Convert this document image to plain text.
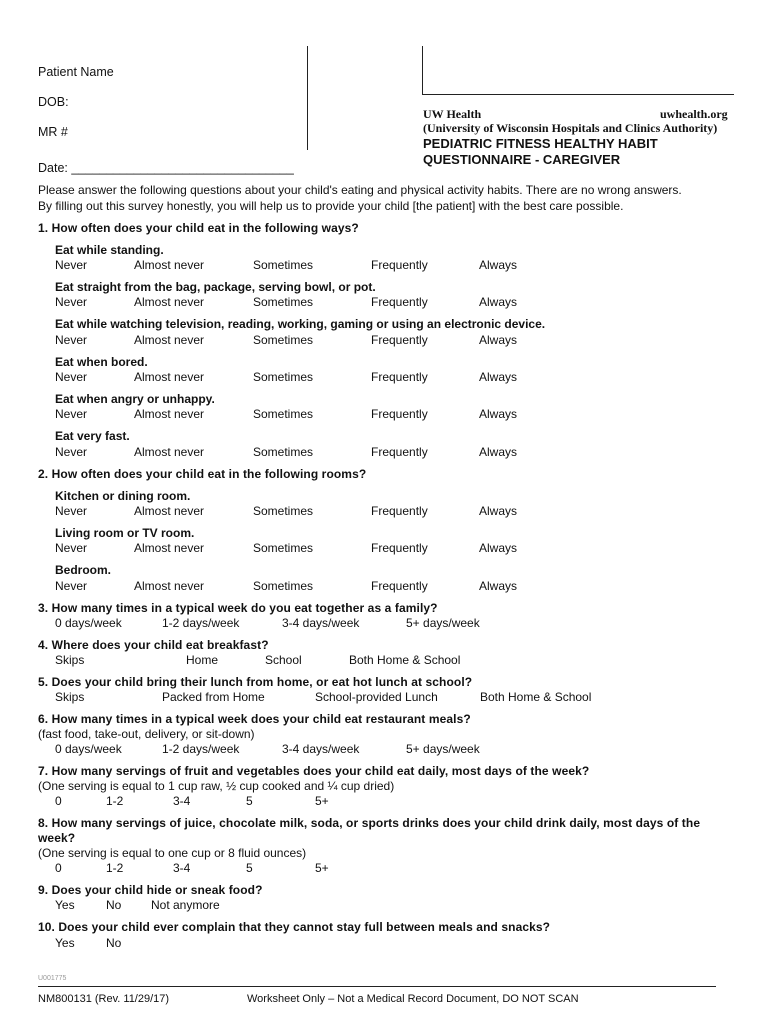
Patient Name
DOB:
MR #
Date: ________________________________
UW Health	uwhealth.org
(University of Wisconsin Hospitals and Clinics Authority)
PEDIATRIC FITNESS HEALTHY HABIT
QUESTIONNAIRE - CAREGIVER
Please answer the following questions about your child's eating and physical activity habits. There are no wrong answers.
By filling out this survey honestly, you will help us to provide your child [the patient] with the best care possible.
1. How often does your child eat in the following ways?
Eat while standing.
Never	Almost never	Sometimes	Frequently	Always
Eat straight from the bag, package, serving bowl, or pot.
Never	Almost never	Sometimes	Frequently	Always
Eat while watching television, reading, working, gaming or using an electronic device.
Never	Almost never	Sometimes	Frequently	Always
Eat when bored.
Never	Almost never	Sometimes	Frequently	Always
Eat when angry or unhappy.
Never	Almost never	Sometimes	Frequently	Always
Eat very fast.
Never	Almost never	Sometimes	Frequently	Always
2. How often does your child eat in the following rooms?
Kitchen or dining room.
Never	Almost never	Sometimes	Frequently	Always
Living room or TV room.
Never	Almost never	Sometimes	Frequently	Always
Bedroom.
Never	Almost never	Sometimes	Frequently	Always
3. How many times in a typical week do you eat together as a family?
0 days/week	1-2 days/week	3-4 days/week	5+ days/week
4. Where does your child eat breakfast?
Skips	Home	School	Both Home & School
5. Does your child bring their lunch from home, or eat hot lunch at school?
Skips	Packed from Home	School-provided Lunch	Both Home & School
6. How many times in a typical week does your child eat restaurant meals?
(fast food, take-out, delivery, or sit-down)
0 days/week	1-2 days/week	3-4 days/week	5+ days/week
7. How many servings of fruit and vegetables does your child eat daily, most days of the week?
(One serving is equal to 1 cup raw, ½ cup cooked and ¼ cup dried)
0	1-2	3-4	5	5+
8. How many servings of juice, chocolate milk, soda, or sports drinks does your child drink daily, most days of the
week?
(One serving is equal to one cup or 8 fluid ounces)
0	1-2	3-4	5	5+
9. Does your child hide or sneak food?
Yes	No Not anymore
10. Does your child ever complain that they cannot stay full between meals and snacks?
Yes	No
U001775
NM800131 (Rev. 11/29/17)	Worksheet Only – Not a Medical Record Document, DO NOT SCAN
